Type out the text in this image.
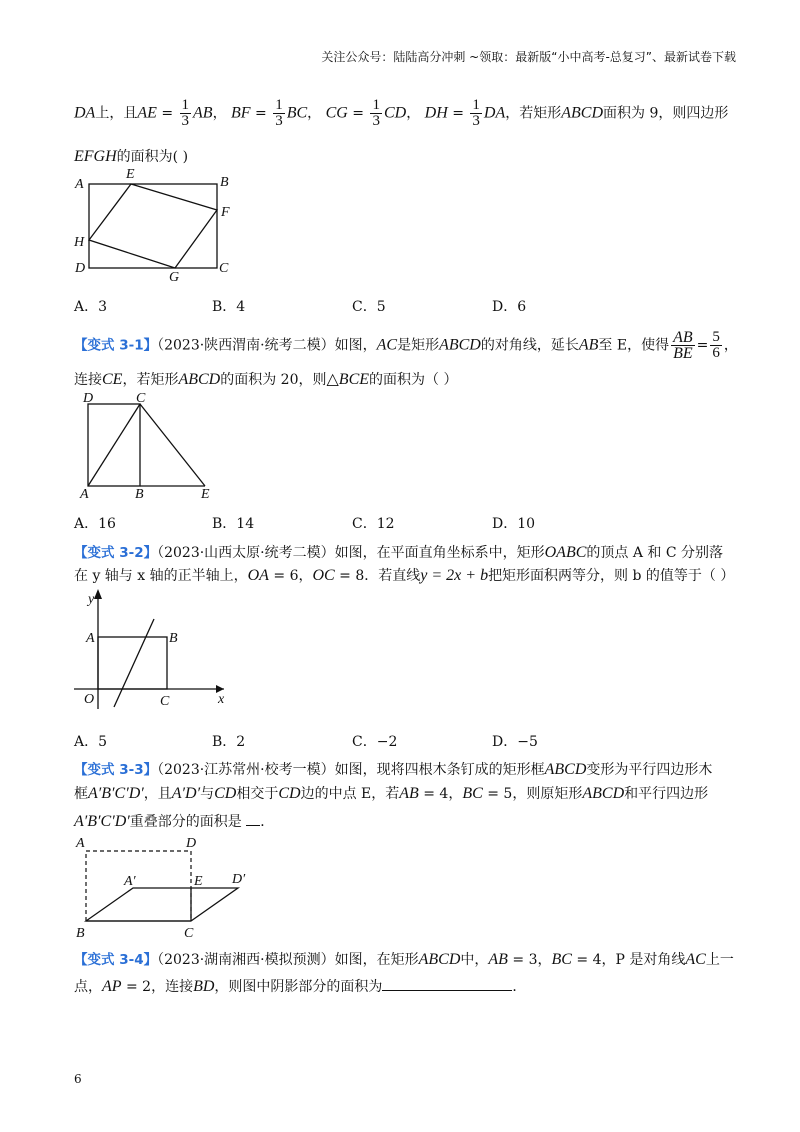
关注公众号：陆陆高分冲刺 ~领取：最新版“小中高考-总复习”、最新试卷下载
DA上，且AE = $\frac{1}{3}$ AB， BF = $\frac{1}{3}$ BC， CG = $\frac{1}{3}$ CD， DH = $\frac{1}{3}$ DA，若矩形ABCD面积为 9，则四边形
EFGH的面积为( )
A
E
B
F
H
D	C
G
A．3	B．4	C．5	D．6
【变式 3-1】（2023·陕西渭南·统考二模）如图，AC是矩形ABCD的对角线，延长AB至 E，使得 $\frac{AB}{BE} = \frac{5}{6}$ ，
连接CE，若矩形ABCD的面积为 20，则△BCE的面积为（ ）
D	C
A	B	E
A．16	B．14	C．12	D．10
【变式 3-2】（2023·山西太原·统考二模）如图，在平面直角坐标系中，矩形OABC的顶点 A 和 C 分别落
在 y 轴与 x 轴的正半轴上，OA = 6，OC = 8．若直线y = 2x + b把矩形面积两等分，则 b 的值等于（ ）
y
x
A	B
O	C
A．5	B．2	C．−2	D．−5
【变式 3-3】（2023·江苏常州·校考一模）如图，现将四根木条钉成的矩形框ABCD变形为平行四边形木
框A′B′C′D′，且A′D′与CD相交于CD边的中点 E，若AB = 4，BC = 5，则原矩形ABCD和平行四边形
A′B′C′D′重叠部分的面积是 ．
A	D
A′	E D′
B	C
【变式 3-4】（2023·湖南湘西·模拟预测）如图，在矩形ABCD中，AB = 3，BC = 4，P 是对角线AC上一
点，AP = 2，连接BD，则图中阴影部分的面积为	．
6
